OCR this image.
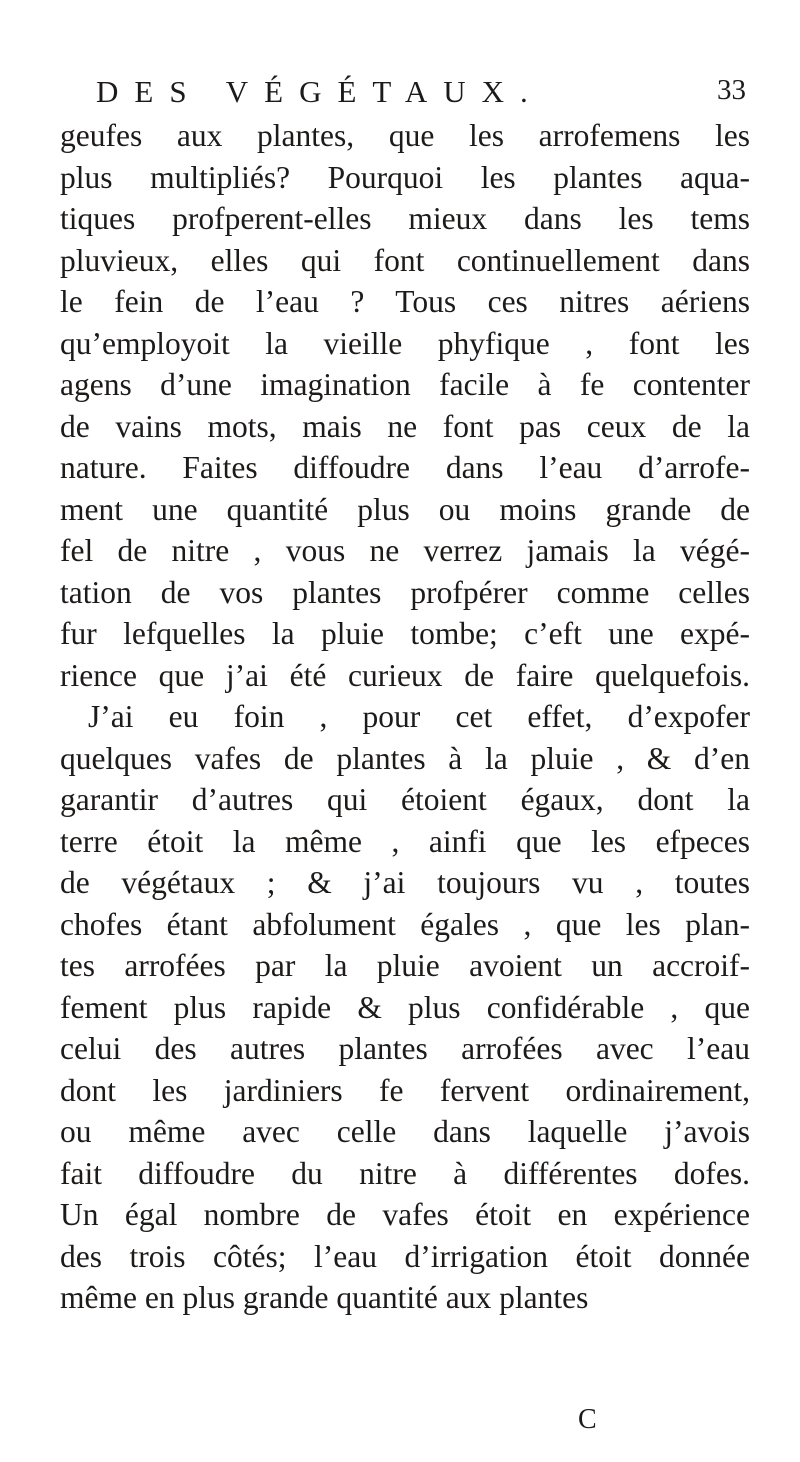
DES VÉGÉTAUX.	33
geufes aux plantes, que les arrofemens les
plus multipliés? Pourquoi les plantes aqua-
tiques profperent-elles mieux dans les tems
pluvieux, elles qui font continuellement dans
le fein de l’eau ? Tous ces nitres aériens
qu’employoit la vieille phyfique , font les
agens d’une imagination facile à fe contenter
de vains mots, mais ne font pas ceux de la
nature. Faites diffoudre dans l’eau d’arrofe-
ment une quantité plus ou moins grande de
fel de nitre , vous ne verrez jamais la végé-
tation de vos plantes profpérer comme celles
fur lefquelles la pluie tombe; c’eft une expé-
rience que j’ai été curieux de faire quelquefois.
J’ai eu foin , pour cet effet, d’expofer
quelques vafes de plantes à la pluie , & d’en
garantir d’autres qui étoient égaux, dont la
terre étoit la même , ainfi que les efpeces
de végétaux ; & j’ai toujours vu , toutes
chofes étant abfolument égales , que les plan-
tes arrofées par la pluie avoient un accroif-
fement plus rapide & plus confidérable , que
celui des autres plantes arrofées avec l’eau
dont les jardiniers fe fervent ordinairement,
ou même avec celle dans laquelle j’avois
fait diffoudre du nitre à différentes dofes.
Un égal nombre de vafes étoit en expérience
des trois côtés; l’eau d’irrigation étoit donnée
même en plus grande quantité aux plantes
C
